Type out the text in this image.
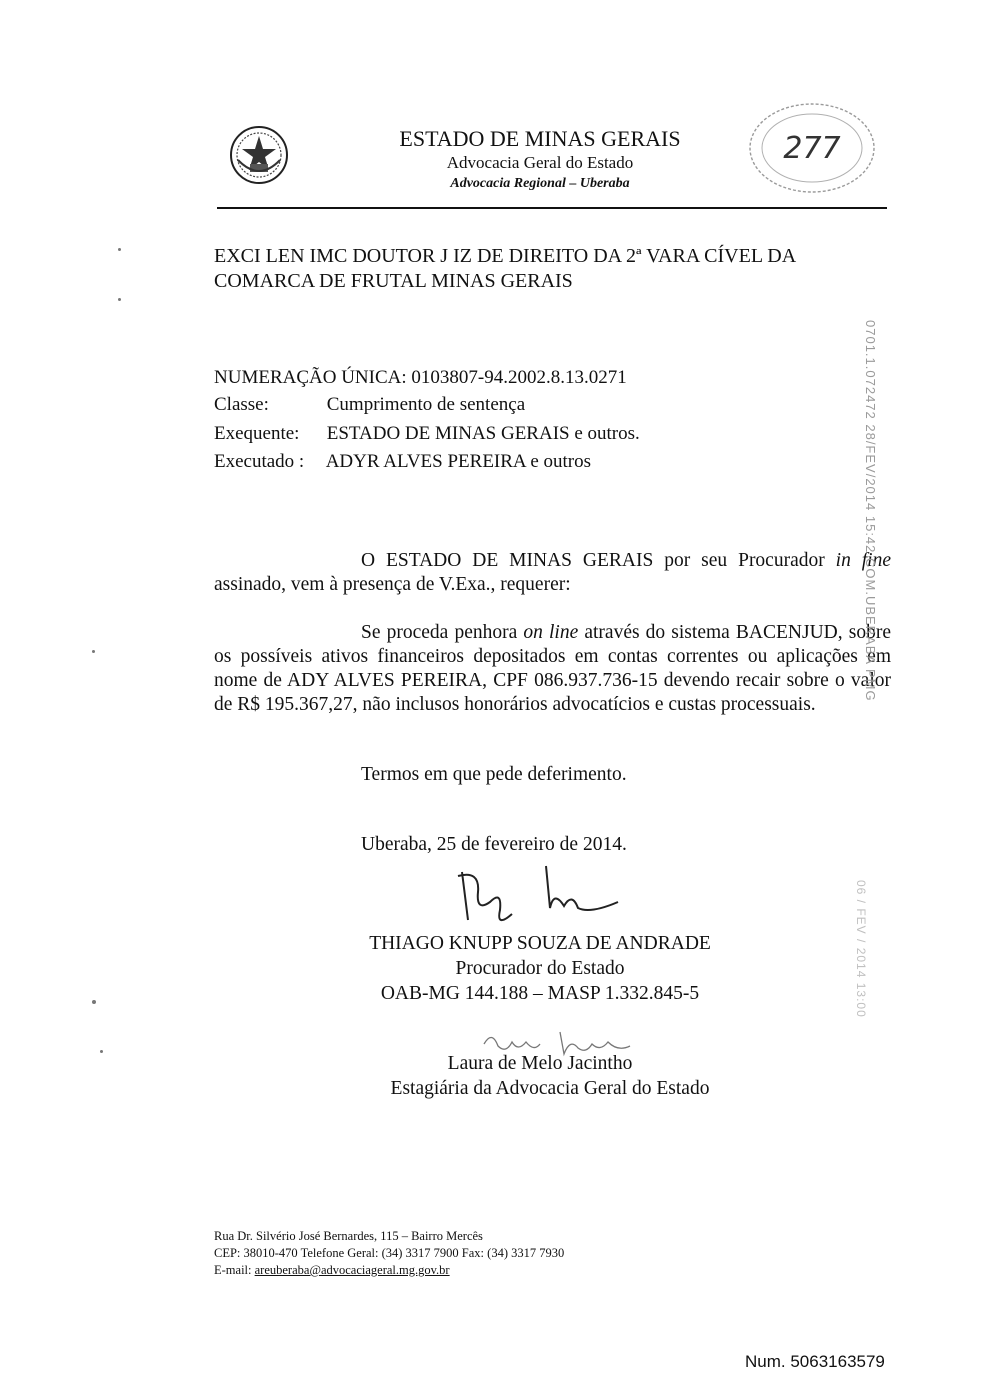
ESTADO DE MINAS GERAIS
Advocacia Geral do Estado
Advocacia Regional – Uberaba
277
EXCI LEN IMC DOUTOR J IZ DE DIREITO DA 2ª VARA CÍVEL DA
COMARCA DE FRUTAL MINAS GERAIS
NUMERAÇÃO ÚNICA: 0103807-94.2002.8.13.0271
Classe:	Cumprimento de sentença
Exequente: ESTADO DE MINAS GERAIS e outros.
Executado : ADYR ALVES PEREIRA e outros
O ESTADO DE MINAS GERAIS por seu Procurador in fine assinado, vem à presença de V.Exa., requerer:
Se proceda penhora on line através do sistema BACENJUD, sobre os possíveis ativos financeiros depositados em contas correntes ou aplicações em nome de ADY ALVES PEREIRA, CPF 086.937.736-15 devendo recair sobre o valor de R$ 195.367,27, não inclusos honorários advocatícios e custas processuais.
Termos em que pede deferimento.
Uberaba, 25 de fevereiro de 2014.
THIAGO KNUPP SOUZA DE ANDRADE
Procurador do Estado
OAB-MG 144.188 – MASP 1.332.845-5
Laura de Melo Jacintho
Estagiária da Advocacia Geral do Estado
0701.1.072472 28/FEV/2014 15:42 COM.UBERABA PMG
06 / FEV / 2014 13:00
Rua Dr. Silvério José Bernardes, 115 – Bairro Mercês
CEP: 38010-470 Telefone Geral: (34) 3317 7900 Fax: (34) 3317 7930
E-mail: areuberaba@advocaciageral.mg.gov.br
Num. 5063163579
